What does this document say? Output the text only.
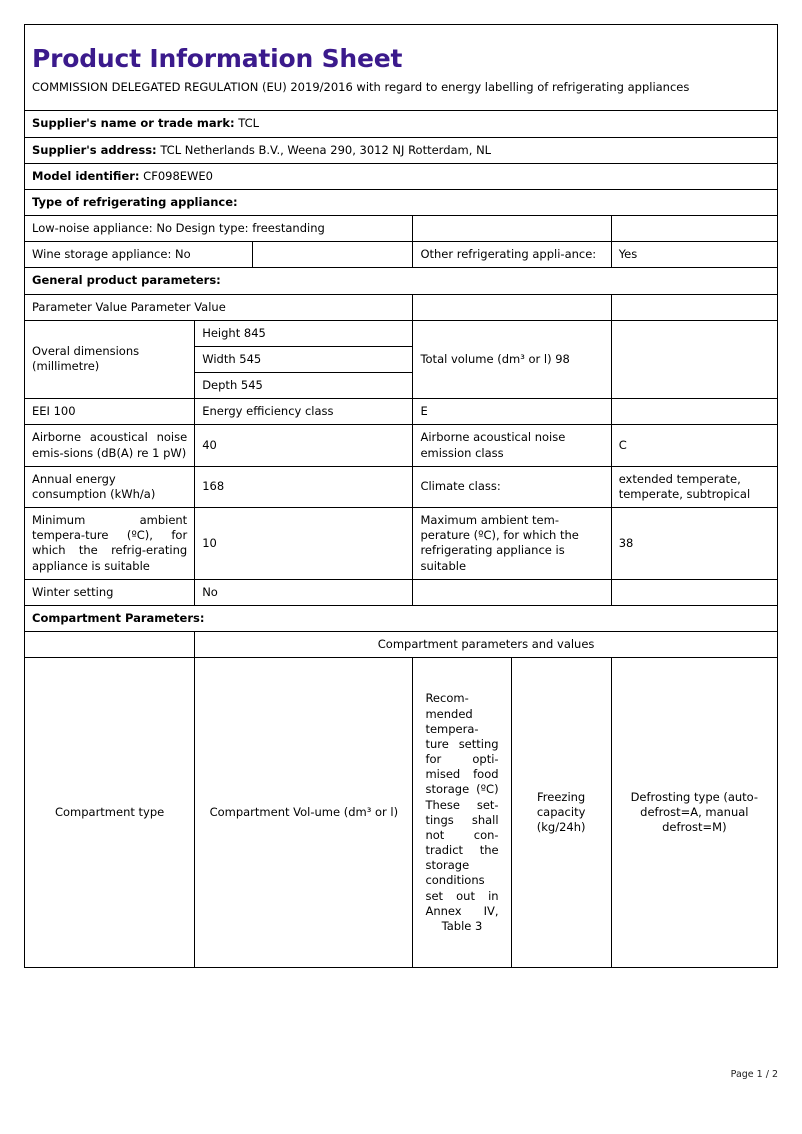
Product Information Sheet					

COMMISSION DELEGATED REGULATION (EU) 2019/2016 with regard to energy labelling of refrigerating appliances					

Supplier's name or trade mark: TCL					
Supplier's address: TCL Netherlands B.V., Weena 290, 3012 NJ Rotterdam, NL					
Model identifier: CF098EWE0					
Type of refrigerating appliance:					
Low-noise appliance: No Design type: freestanding					
Wine storage appliance: No			Other refrigerating appli-ance:		Yes
General product parameters:					
Parameter Value Parameter Value					
Overal dimensions (millimetre)	Height 845		Total volume (dm³ or l) 98		
	Width 545				
	Depth 545				
EEI 100	Energy efficiency class		E		
Airborne acoustical noise emis-sions (dB(A) re 1 pW)	40		Airborne acoustical noise emission class		C
Annual energy consumption (kWh/a)	168		Climate class:		extended temperate, temperate, subtropical
Minimum ambient tempera-ture (ºC), for which the refrig-erating appliance is suitable	10		Maximum ambient tem-perature (ºC), for which the refrigerating appliance is suitable		38
Winter setting	No				
Compartment Parameters:					
	Compartment parameters and values				
Compartment type	Compartment Vol-ume (dm³ or l)		Recom-mended tempera-ture setting for opti-mised food storage (ºC) These set-tings shall not con-tradict the storage conditions set out in Annex IV, Table 3	Freezing capacity (kg/24h)	Defrosting type (auto-defrost=A, manual defrost=M)
Page 1 / 2
